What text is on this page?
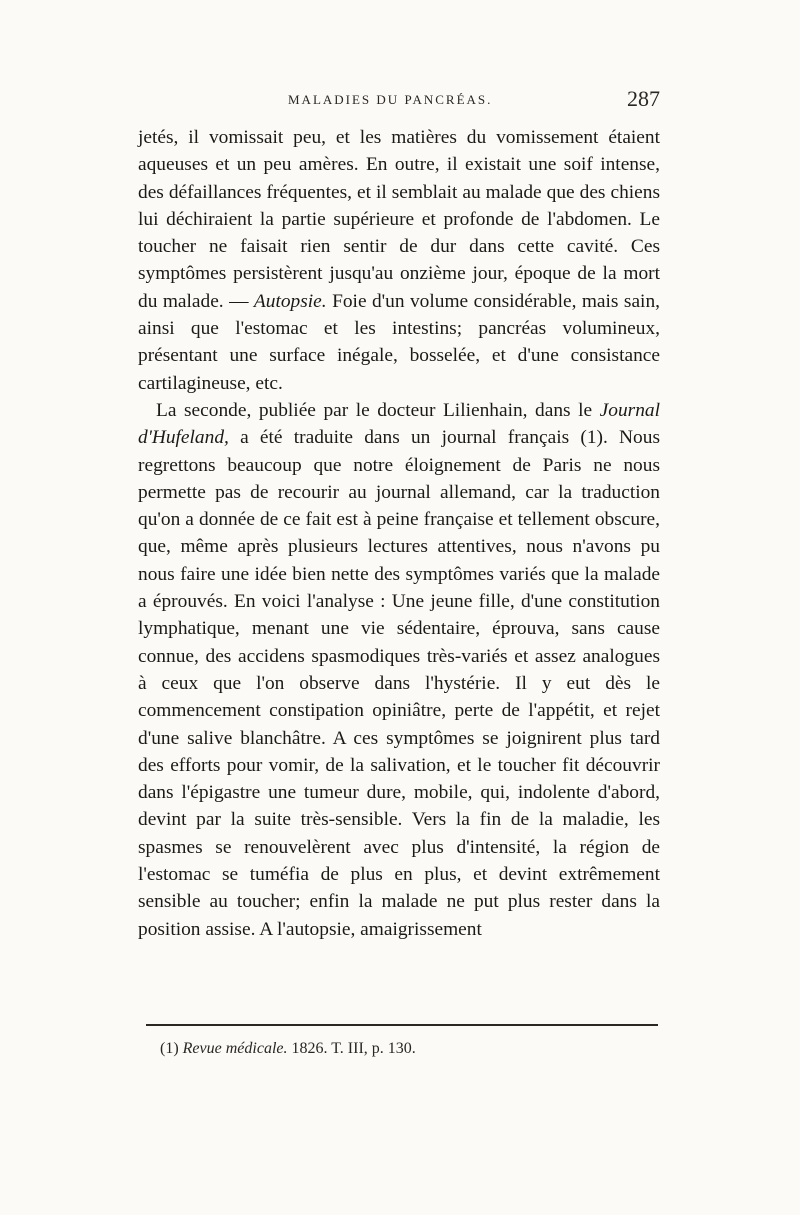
MALADIES DU PANCRÉAS.	287

jetés, il vomissait peu, et les matières du vomissement étaient aqueuses et un peu amères. En outre, il existait une soif intense, des défaillances fréquentes, et il semblait au malade que des chiens lui déchiraient la partie supérieure et profonde de l'abdomen. Le toucher ne faisait rien sentir de dur dans cette cavité. Ces symptômes persistèrent jusqu'au onzième jour, époque de la mort du malade. — Autopsie. Foie d'un volume considérable, mais sain, ainsi que l'estomac et les intestins; pancréas volumineux, présentant une surface inégale, bosselée, et d'une consistance cartilagineuse, etc.

La seconde, publiée par le docteur Lilienhain, dans le Journal d'Hufeland, a été traduite dans un journal français (1). Nous regrettons beaucoup que notre éloignement de Paris ne nous permette pas de recourir au journal allemand, car la traduction qu'on a donnée de ce fait est à peine française et tellement obscure, que, même après plusieurs lectures attentives, nous n'avons pu nous faire une idée bien nette des symptômes variés que la malade a éprouvés. En voici l'analyse : Une jeune fille, d'une constitution lymphatique, menant une vie sédentaire, éprouva, sans cause connue, des accidens spasmodiques très-variés et assez analogues à ceux que l'on observe dans l'hystérie. Il y eut dès le commencement constipation opiniâtre, perte de l'appétit, et rejet d'une salive blanchâtre. A ces symptômes se joignirent plus tard des efforts pour vomir, de la salivation, et le toucher fit découvrir dans l'épigastre une tumeur dure, mobile, qui, indolente d'abord, devint par la suite très-sensible. Vers la fin de la maladie, les spasmes se renouvelèrent avec plus d'intensité, la région de l'estomac se tuméfia de plus en plus, et devint extrêmement sensible au toucher; enfin la malade ne put plus rester dans la position assise. A l'autopsie, amaigrissement

(1) Revue médicale. 1826. T. III, p. 130.
